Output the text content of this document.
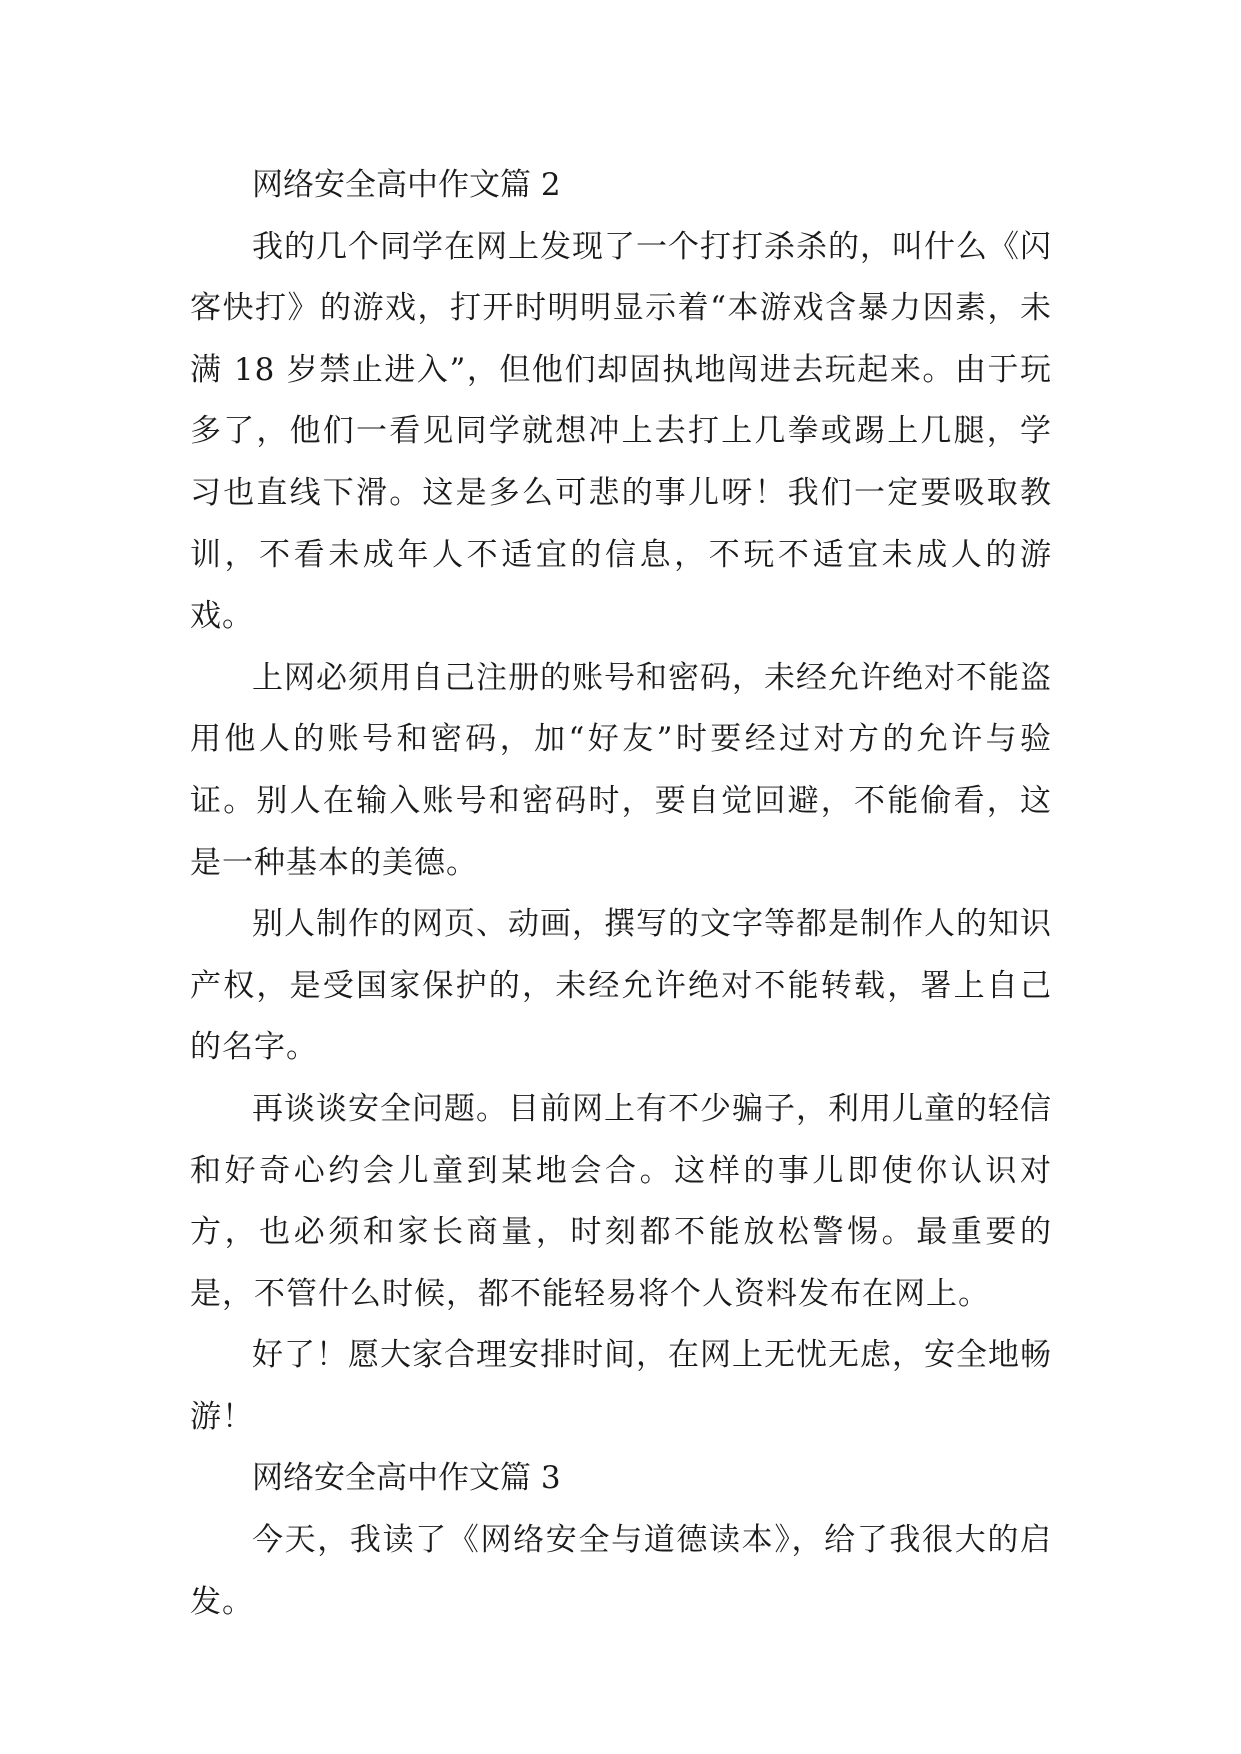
网络安全高中作文篇 2

我的几个同学在网上发现了一个打打杀杀的，叫什么《闪客快打》的游戏，打开时明明显示着“本游戏含暴力因素，未满 18 岁禁止进入”，但他们却固执地闯进去玩起来。由于玩多了，他们一看见同学就想冲上去打上几拳或踢上几腿，学习也直线下滑。这是多么可悲的事儿呀！我们一定要吸取教训，不看未成年人不适宜的信息，不玩不适宜未成人的游戏。

上网必须用自己注册的账号和密码，未经允许绝对不能盗用他人的账号和密码，加“好友”时要经过对方的允许与验证。别人在输入账号和密码时，要自觉回避，不能偷看，这是一种基本的美德。

别人制作的网页、动画，撰写的文字等都是制作人的知识产权，是受国家保护的，未经允许绝对不能转载，署上自己的名字。

再谈谈安全问题。目前网上有不少骗子，利用儿童的轻信和好奇心约会儿童到某地会合。这样的事儿即使你认识对方，也必须和家长商量，时刻都不能放松警惕。最重要的是，不管什么时候，都不能轻易将个人资料发布在网上。

好了！愿大家合理安排时间，在网上无忧无虑，安全地畅游！

网络安全高中作文篇 3

今天，我读了《网络安全与道德读本》，给了我很大的启发。
